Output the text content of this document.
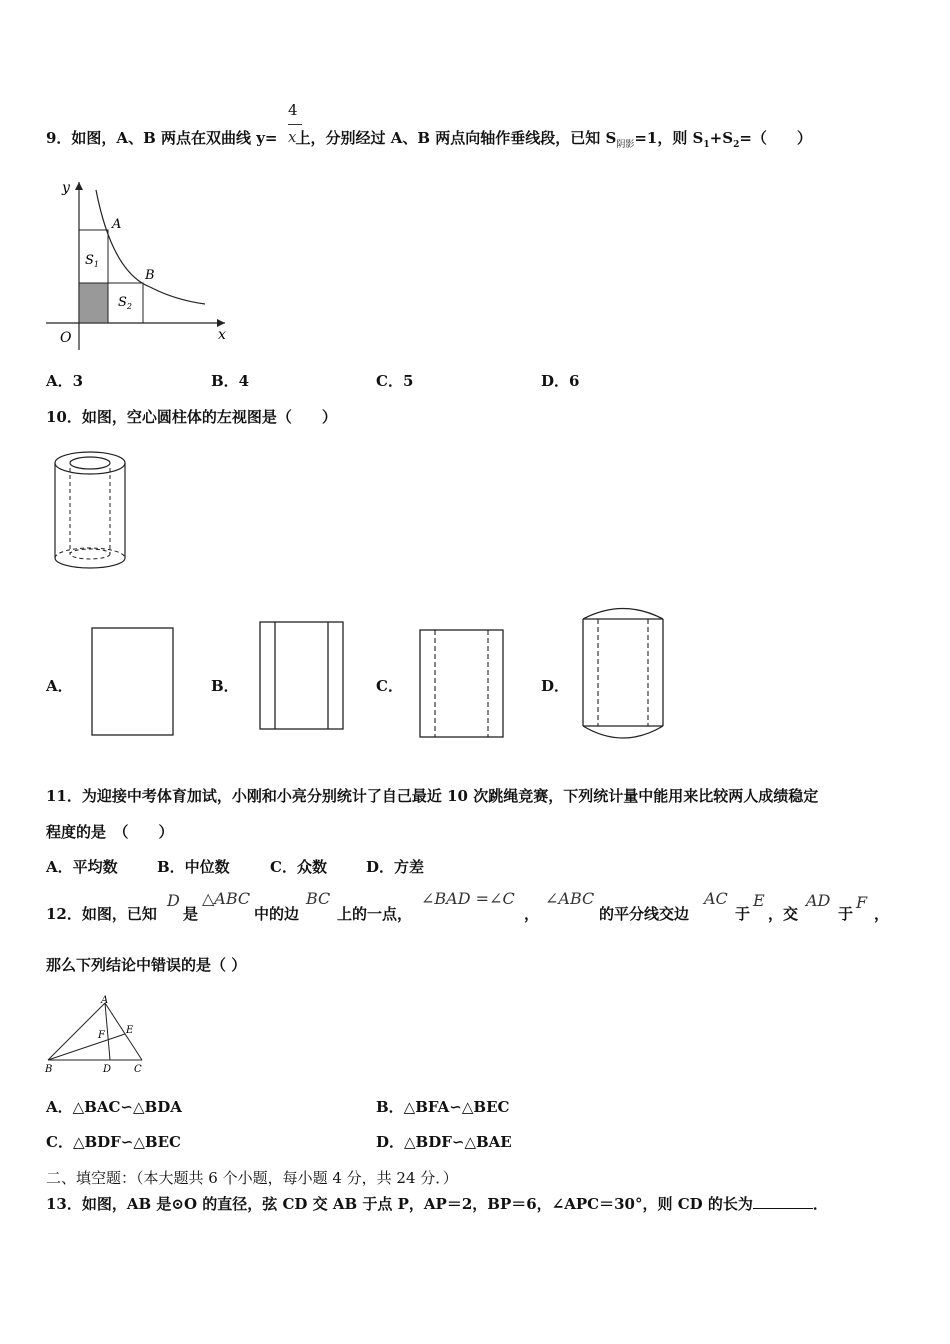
4
x
9．如图，A、B 两点在双曲线 y= 上，分别经过 A、B 两点向轴作垂线段，已知 $S_{阴影}=1$，则 $S_1+S_2=$（　　）
y
x
O
A
B
$S_1$
$S_2$
A．3	B．4	C．5	D．6
10．如图，空心圆柱体的左视图是（　　）
A．	B．	C．	D．
11．为迎接中考体育加试，小刚和小亮分别统计了自己最近 10 次跳绳竞赛，下列统计量中能用来比较两人成绩稳定
程度的是　（　　）
A．平均数	B．中位数	C．众数	D．方差
12．如图，已知
D
是
△ABC
中的边
BC
上的一点，
∠BAD =∠C
，
∠ABC
的平分线交边
AC
于
E
，交
AD
于
F
，
那么下列结论中错误的是（ ）
A
B	C
D
E
F
A．△BAC∽△BDA	B．△BFA∽△BEC
C．△BDF∽△BEC	D．△BDF∽△BAE
二、填空题：（本大题共 6 个小题，每小题 4 分，共 24 分．）
13．如图，AB 是⊙O 的直径，弦 CD 交 AB 于点 P，AP＝2，BP＝6，∠APC＝30°，则 CD 的长为	．
